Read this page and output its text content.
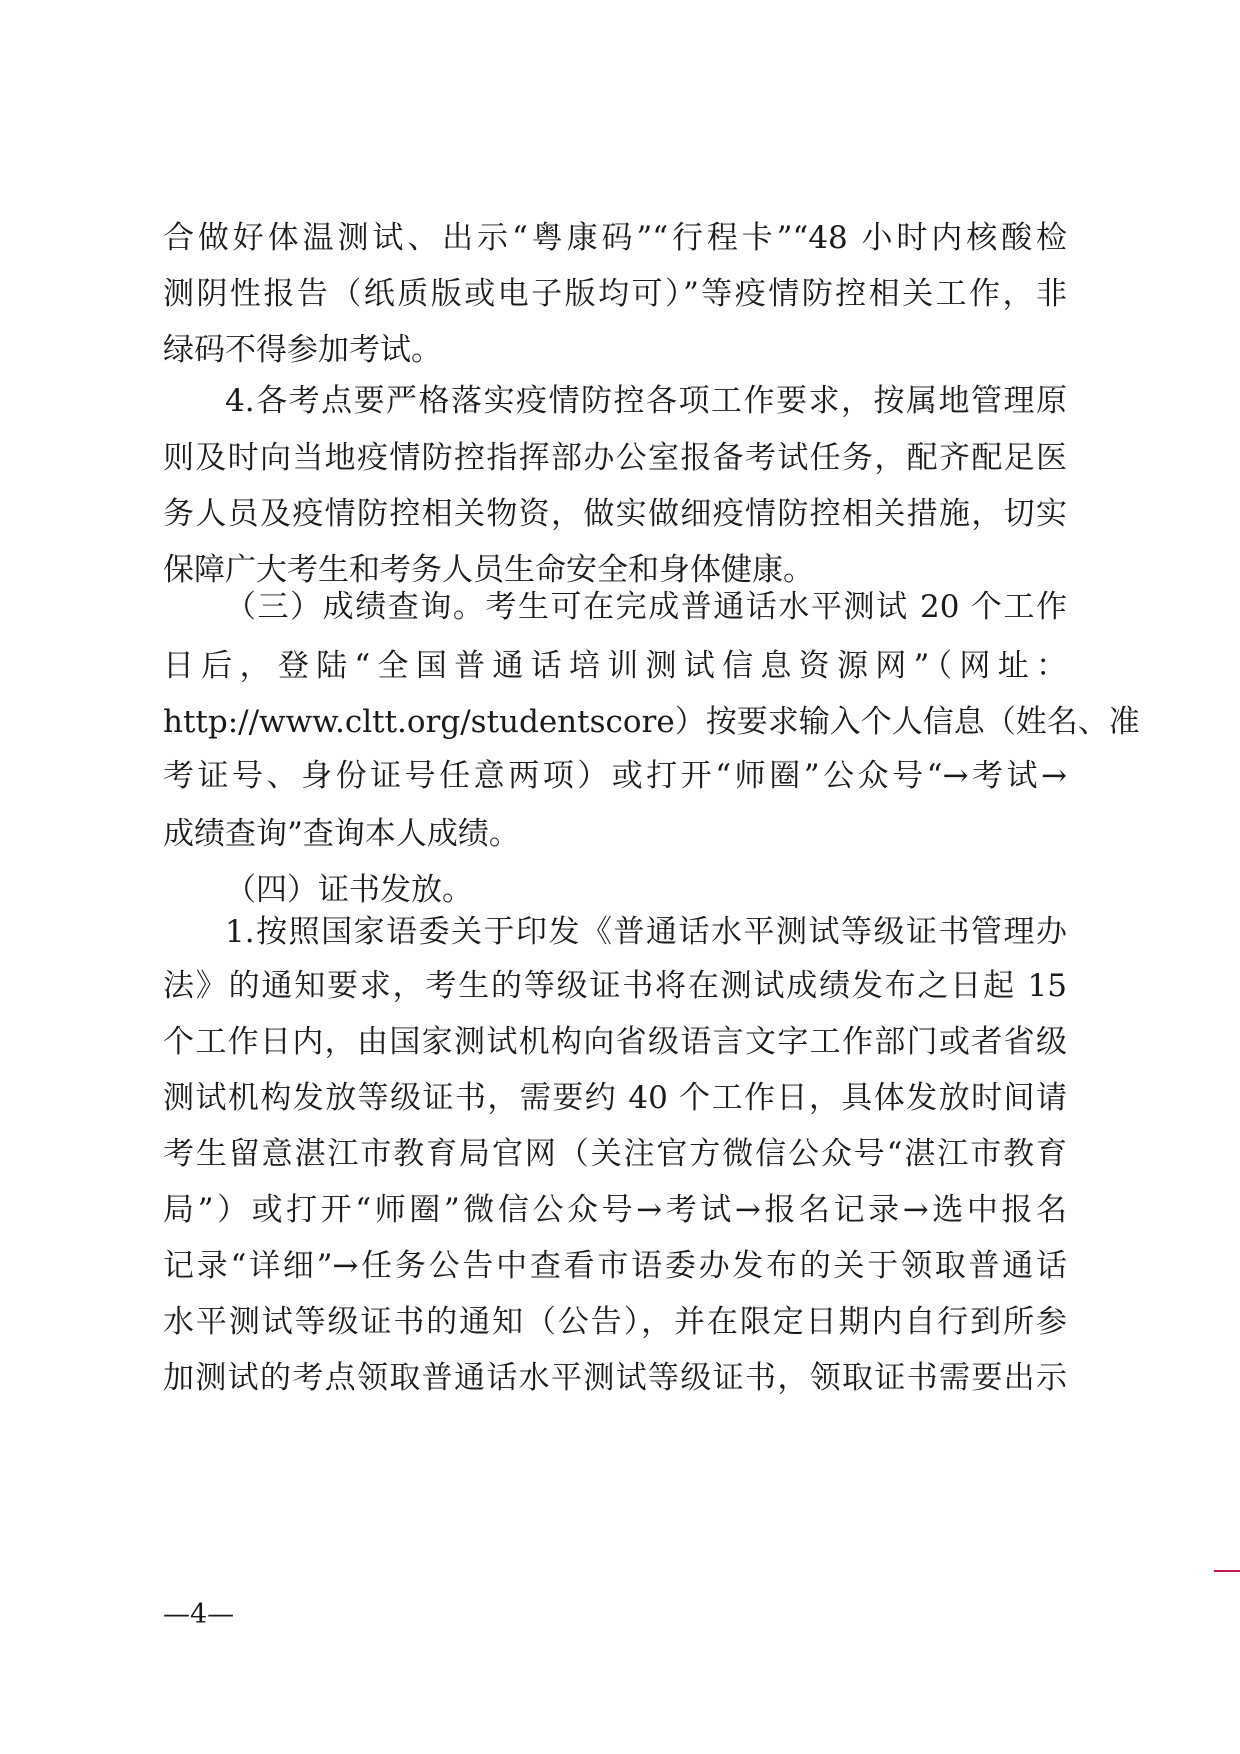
合做好体温测试、出示“粤康码”“行程卡”“48 小时内核酸检
测阴性报告（纸质版或电子版均可）”等疫情防控相关工作，非
绿码不得参加考试。
4.各考点要严格落实疫情防控各项工作要求，按属地管理原
则及时向当地疫情防控指挥部办公室报备考试任务，配齐配足医
务人员及疫情防控相关物资，做实做细疫情防控相关措施，切实
保障广大考生和考务人员生命安全和身体健康。
（三）成绩查询。考生可在完成普通话水平测试 20 个工作
日后，登陆“全国普通话培训测试信息资源网”（网址：
http://www.cltt.org/studentscore）按要求输入个人信息（姓名、准
考证号、身份证号任意两项）或打开“师圈”公众号“→考试→
成绩查询”查询本人成绩。
（四）证书发放。
1.按照国家语委关于印发《普通话水平测试等级证书管理办
法》的通知要求，考生的等级证书将在测试成绩发布之日起 15
个工作日内，由国家测试机构向省级语言文字工作部门或者省级
测试机构发放等级证书，需要约 40 个工作日，具体发放时间请
考生留意湛江市教育局官网（关注官方微信公众号“湛江市教育
局”）或打开“师圈”微信公众号→考试→报名记录→选中报名
记录“详细”→任务公告中查看市语委办发布的关于领取普通话
水平测试等级证书的通知（公告），并在限定日期内自行到所参
加测试的考点领取普通话水平测试等级证书，领取证书需要出示
—4—
